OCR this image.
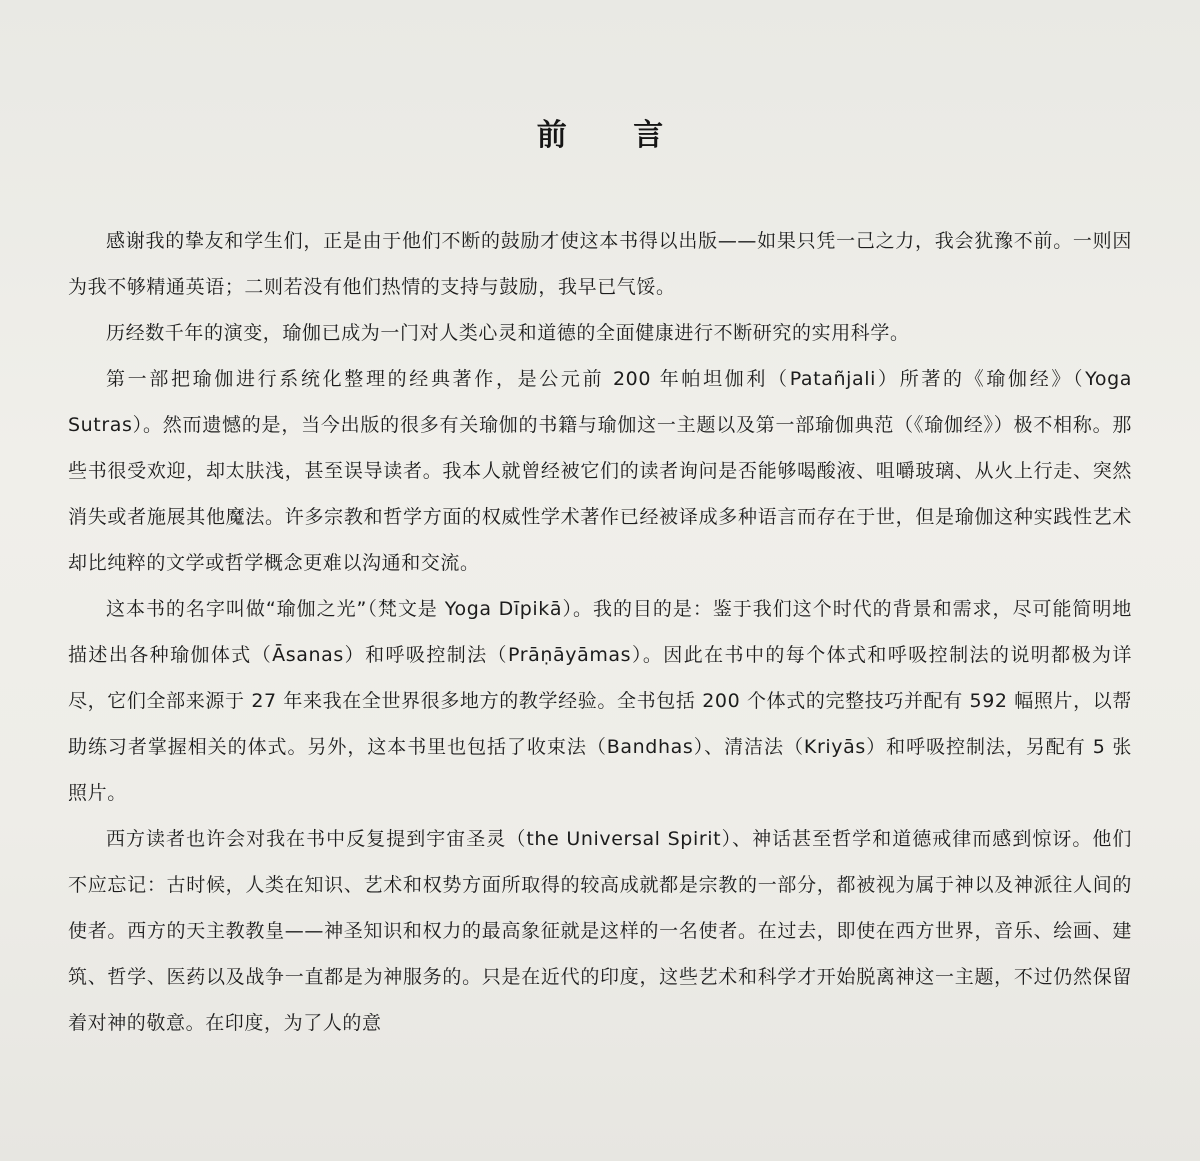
前 言

感谢我的挚友和学生们，正是由于他们不断的鼓励才使这本书得以出版——如果只凭一己之力，我会犹豫不前。一则因为我不够精通英语；二则若没有他们热情的支持与鼓励，我早已气馁。

历经数千年的演变，瑜伽已成为一门对人类心灵和道德的全面健康进行不断研究的实用科学。

第一部把瑜伽进行系统化整理的经典著作，是公元前 200 年帕坦伽利（Patañjali）所著的《瑜伽经》（Yoga Sutras）。然而遗憾的是，当今出版的很多有关瑜伽的书籍与瑜伽这一主题以及第一部瑜伽典范（《瑜伽经》）极不相称。那些书很受欢迎，却太肤浅，甚至误导读者。我本人就曾经被它们的读者询问是否能够喝酸液、咀嚼玻璃、从火上行走、突然消失或者施展其他魔法。许多宗教和哲学方面的权威性学术著作已经被译成多种语言而存在于世，但是瑜伽这种实践性艺术却比纯粹的文学或哲学概念更难以沟通和交流。

这本书的名字叫做“瑜伽之光”（梵文是 Yoga Dīpikā）。我的目的是：鉴于我们这个时代的背景和需求，尽可能简明地描述出各种瑜伽体式（Āsanas）和呼吸控制法（Prāṇāyāmas）。因此在书中的每个体式和呼吸控制法的说明都极为详尽，它们全部来源于 27 年来我在全世界很多地方的教学经验。全书包括 200 个体式的完整技巧并配有 592 幅照片，以帮助练习者掌握相关的体式。另外，这本书里也包括了收束法（Bandhas）、清洁法（Kriyās）和呼吸控制法，另配有 5 张照片。

西方读者也许会对我在书中反复提到宇宙圣灵（the Universal Spirit）、神话甚至哲学和道德戒律而感到惊讶。他们不应忘记：古时候，人类在知识、艺术和权势方面所取得的较高成就都是宗教的一部分，都被视为属于神以及神派往人间的使者。西方的天主教教皇——神圣知识和权力的最高象征就是这样的一名使者。在过去，即使在西方世界，音乐、绘画、建筑、哲学、医药以及战争一直都是为神服务的。只是在近代的印度，这些艺术和科学才开始脱离神这一主题，不过仍然保留着对神的敬意。在印度，为了人的意
